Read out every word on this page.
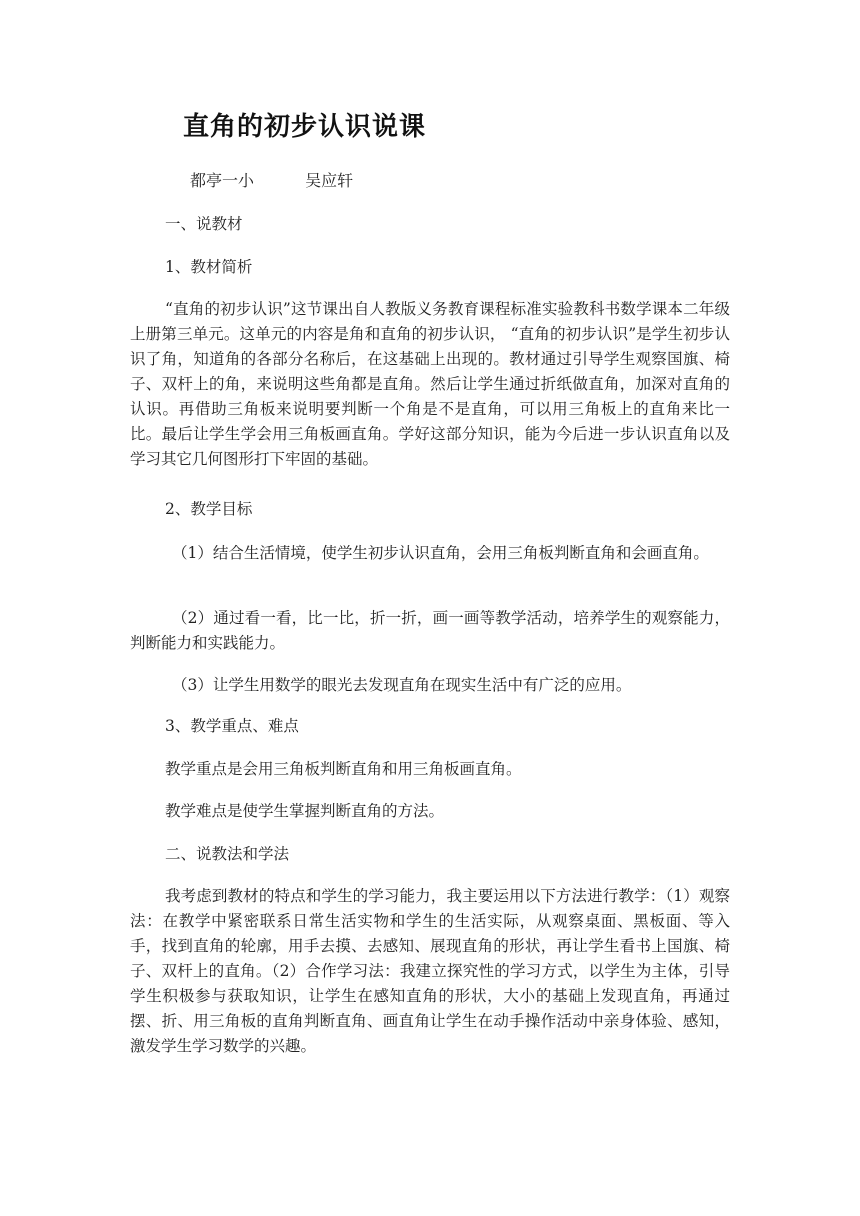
直角的初步认识说课
都亭一小	吴应轩

一、说教材

1、教材简析

“直角的初步认识”这节课出自人教版义务教育课程标准实验教科书数学课本二年级上册第三单元。这单元的内容是角和直角的初步认识， “直角的初步认识”是学生初步认识了角，知道角的各部分名称后，在这基础上出现的。教材通过引导学生观察国旗、椅子、双杆上的角，来说明这些角都是直角。然后让学生通过折纸做直角，加深对直角的认识。再借助三角板来说明要判断一个角是不是直角，可以用三角板上的直角来比一比。最后让学生学会用三角板画直角。学好这部分知识，能为今后进一步认识直角以及学习其它几何图形打下牢固的基础。

2、教学目标

（1）结合生活情境，使学生初步认识直角，会用三角板判断直角和会画直角。

（2）通过看一看，比一比，折一折，画一画等教学活动，培养学生的观察能力，判断能力和实践能力。

（3）让学生用数学的眼光去发现直角在现实生活中有广泛的应用。

3、教学重点、难点

教学重点是会用三角板判断直角和用三角板画直角。

教学难点是使学生掌握判断直角的方法。

二、说教法和学法

我考虑到教材的特点和学生的学习能力，我主要运用以下方法进行教学：（1）观察法：在教学中紧密联系日常生活实物和学生的生活实际，从观察桌面、黑板面、等入手，找到直角的轮廓，用手去摸、去感知、展现直角的形状，再让学生看书上国旗、椅子、双杆上的直角。（2）合作学习法：我建立探究性的学习方式，以学生为主体，引导学生积极参与获取知识，让学生在感知直角的形状，大小的基础上发现直角，再通过摆、折、用三角板的直角判断直角、画直角让学生在动手操作活动中亲身体验、感知，激发学生学习数学的兴趣。
